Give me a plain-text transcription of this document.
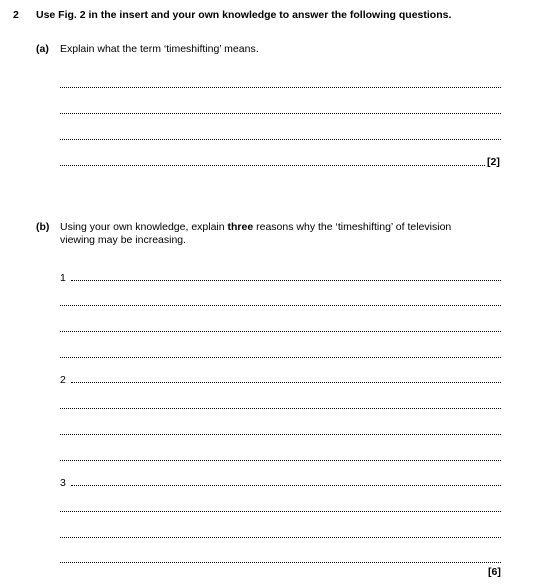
2 Use Fig. 2 in the insert and your own knowledge to answer the following questions.
(a) Explain what the term ‘timeshifting’ means.
[2]
(b) Using your own knowledge, explain three reasons why the ‘timeshifting’ of television
viewing may be increasing.
1
2
3
[6]
